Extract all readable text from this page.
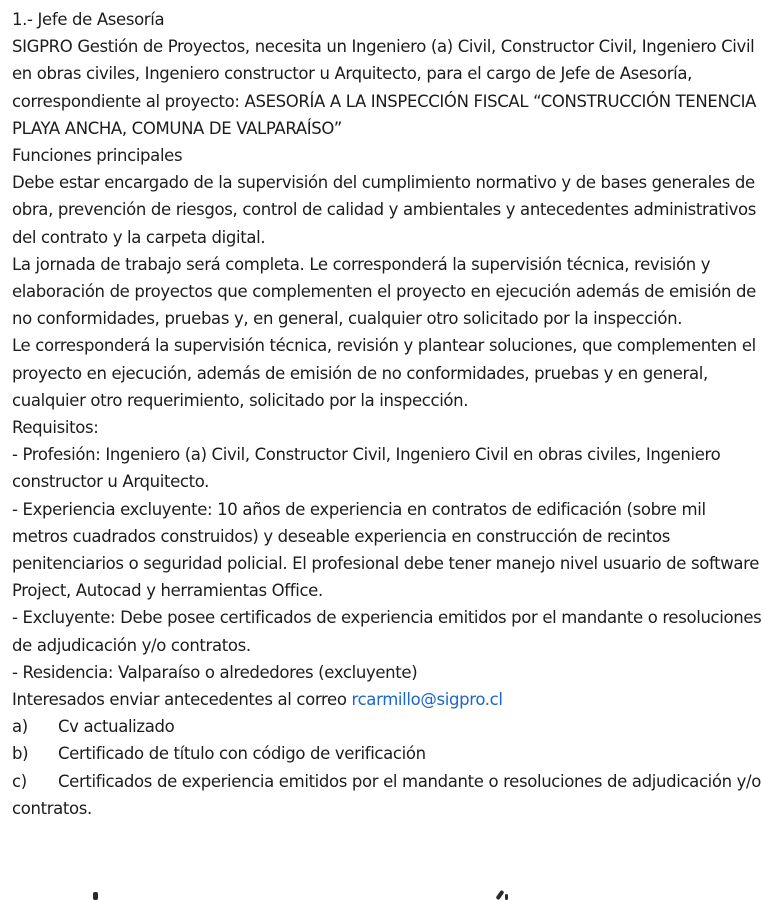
1.- Jefe de Asesoría

SIGPRO Gestión de Proyectos, necesita un Ingeniero (a) Civil, Constructor Civil, Ingeniero Civil en obras civiles, Ingeniero constructor u Arquitecto, para el cargo de Jefe de Asesoría, correspondiente al proyecto: ASESORÍA A LA INSPECCIÓN FISCAL “CONSTRUCCIÓN TENENCIA PLAYA ANCHA, COMUNA DE VALPARAÍSO”

Funciones principales

Debe estar encargado de la supervisión del cumplimiento normativo y de bases generales de obra, prevención de riesgos, control de calidad y ambientales y antecedentes administrativos del contrato y la carpeta digital.

La jornada de trabajo será completa. Le corresponderá la supervisión técnica, revisión y elaboración de proyectos que complementen el proyecto en ejecución además de emisión de no conformidades, pruebas y, en general, cualquier otro solicitado por la inspección.

Le corresponderá la supervisión técnica, revisión y plantear soluciones, que complementen el proyecto en ejecución, además de emisión de no conformidades, pruebas y en general, cualquier otro requerimiento, solicitado por la inspección.

Requisitos:

- Profesión: Ingeniero (a) Civil, Constructor Civil, Ingeniero Civil en obras civiles, Ingeniero constructor u Arquitecto.

- Experiencia excluyente: 10 años de experiencia en contratos de edificación (sobre mil metros cuadrados construidos) y deseable experiencia en construcción de recintos penitenciarios o seguridad policial. El profesional debe tener manejo nivel usuario de software Project, Autocad y herramientas Office.

- Excluyente: Debe posee certificados de experiencia emitidos por el mandante o resoluciones de adjudicación y/o contratos.

- Residencia: Valparaíso o alrededores (excluyente)

Interesados enviar antecedentes al correo rcarmillo@sigpro.cl

a)	Cv actualizado

b)	Certificado de título con código de verificación

c) Certificados de experiencia emitidos por el mandante o resoluciones de adjudicación y/o contratos.
